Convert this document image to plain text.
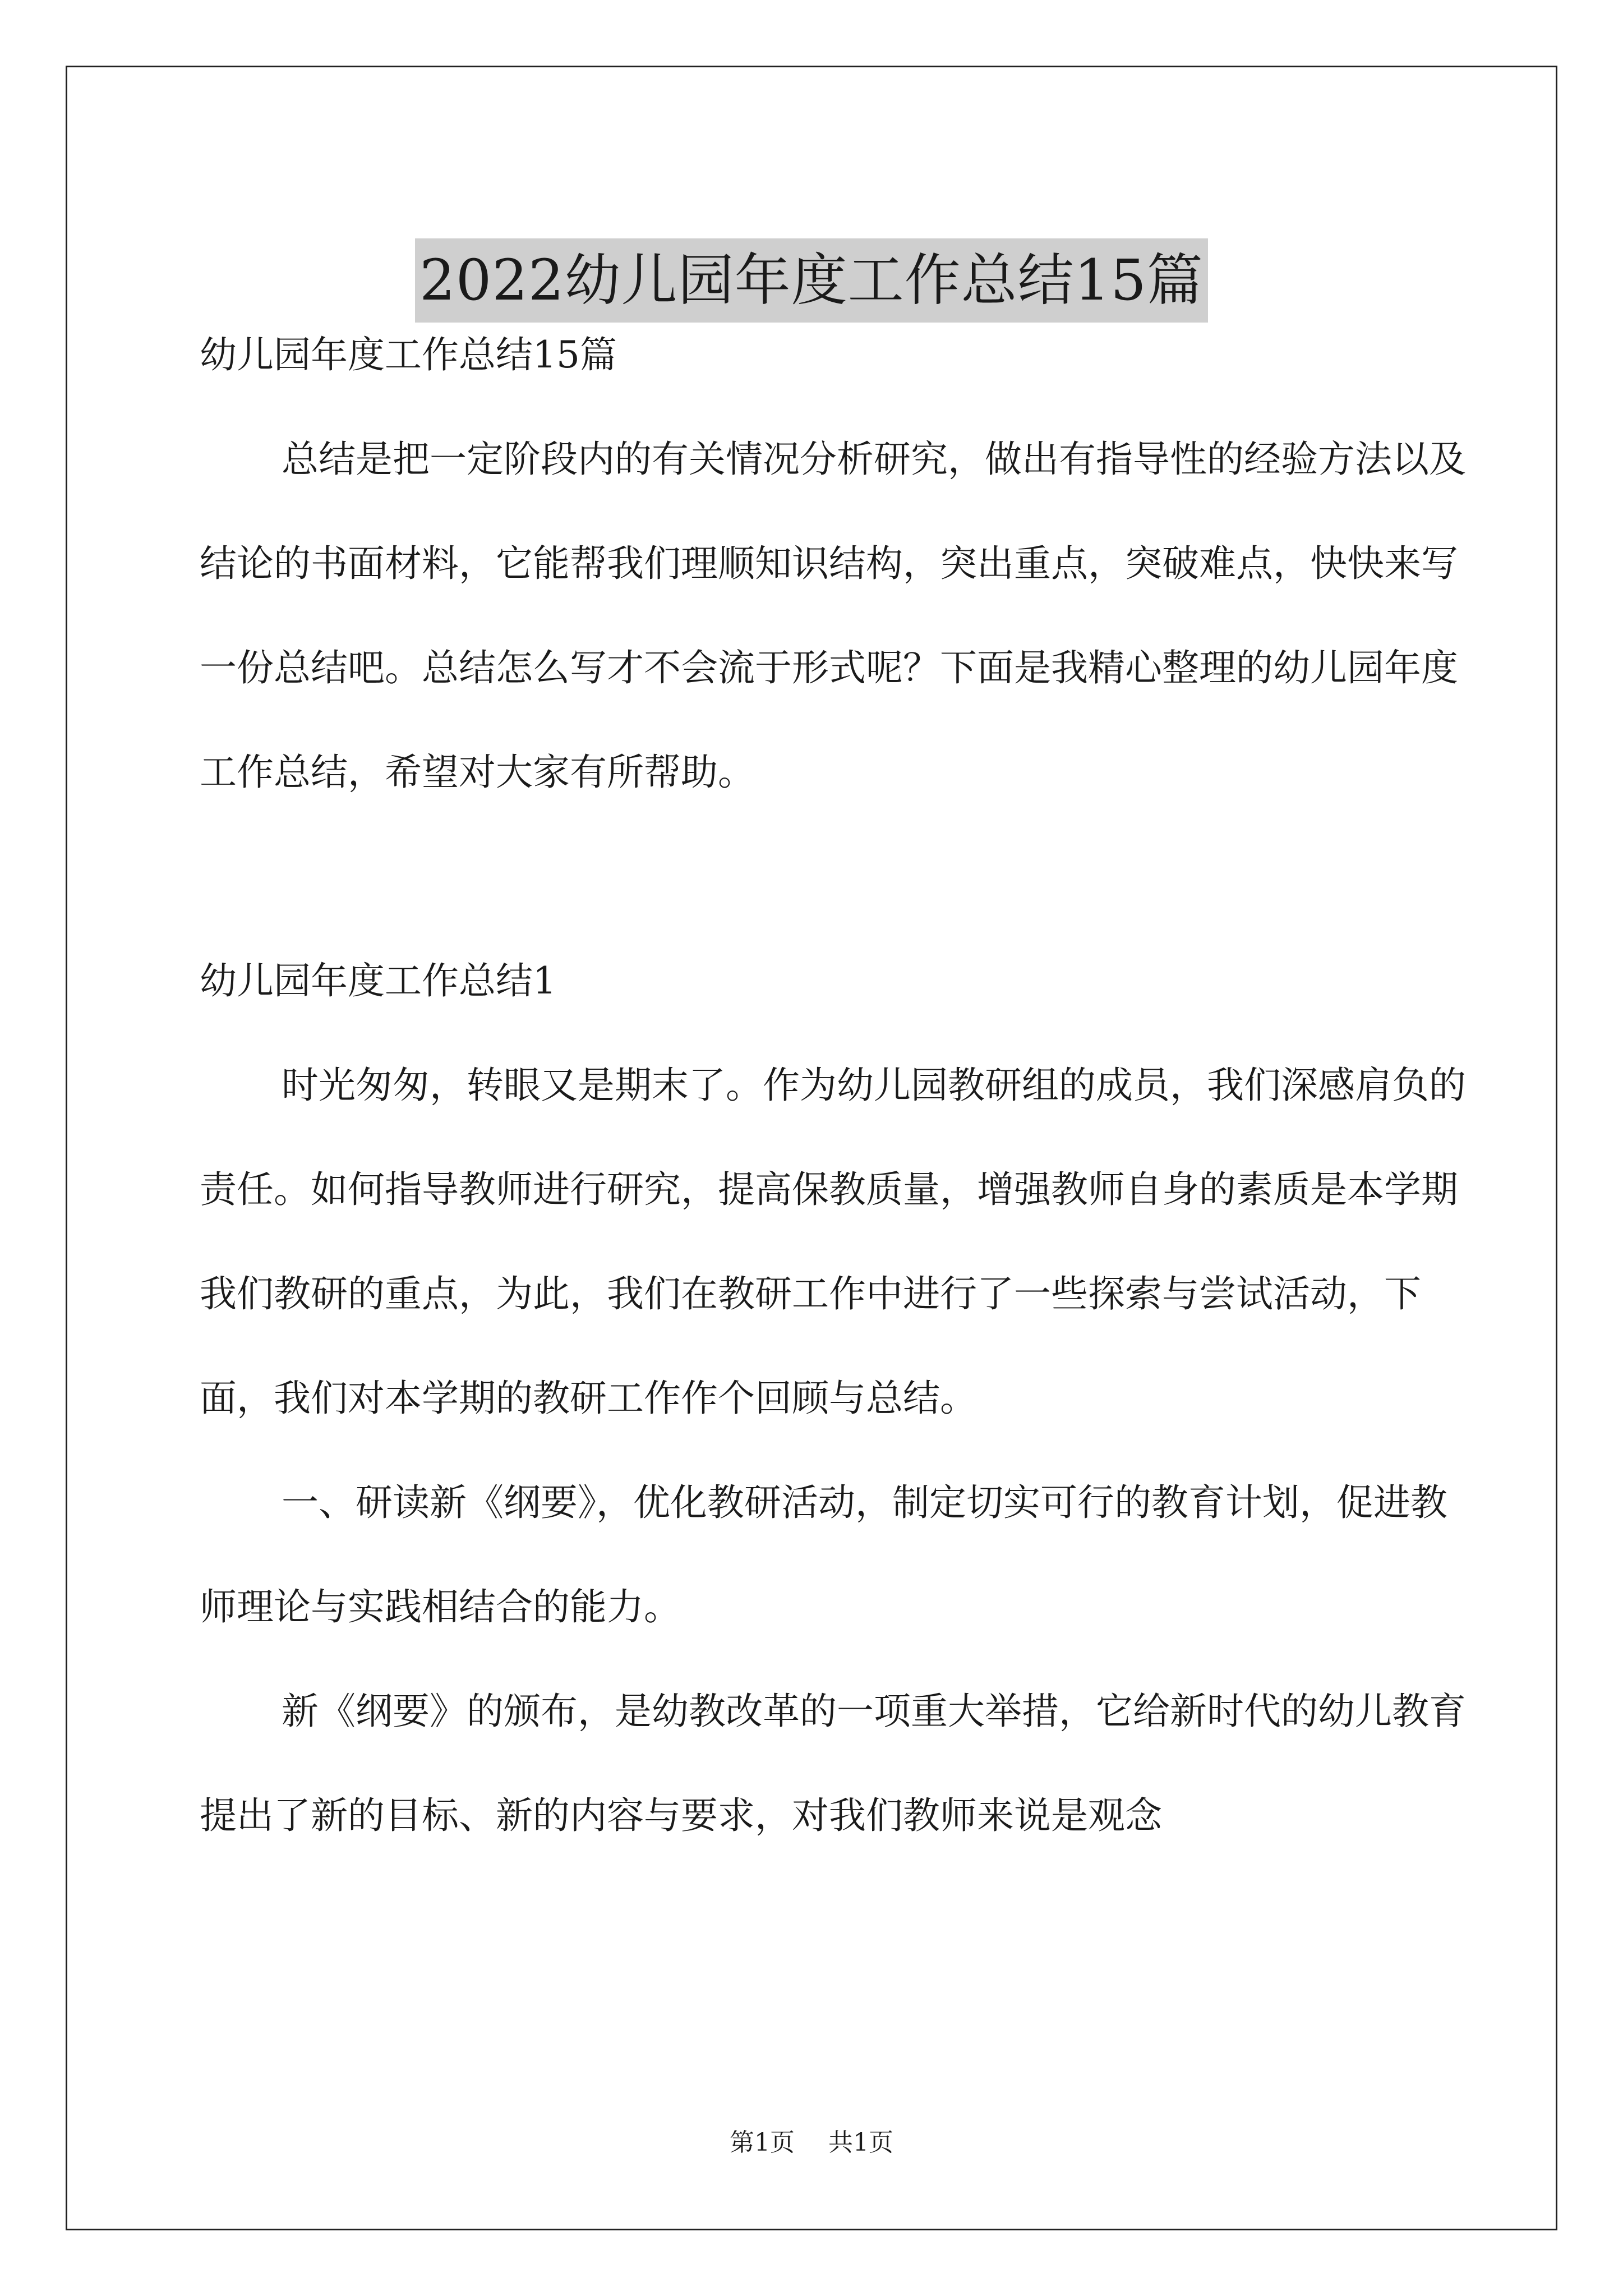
2022幼儿园年度工作总结15篇

幼儿园年度工作总结15篇

总结是把一定阶段内的有关情况分析研究，做出有指导性的经验方法以及结论的书面材料，它能帮我们理顺知识结构，突出重点，突破难点，快快来写一份总结吧。总结怎么写才不会流于形式呢？下面是我精心整理的幼儿园年度工作总结，希望对大家有所帮助。

幼儿园年度工作总结1

时光匆匆，转眼又是期末了。作为幼儿园教研组的成员，我们深感肩负的责任。如何指导教师进行研究，提高保教质量，增强教师自身的素质是本学期我们教研的重点，为此，我们在教研工作中进行了一些探索与尝试活动，下面，我们对本学期的教研工作作个回顾与总结。

一、研读新《纲要》，优化教研活动，制定切实可行的教育计划，促进教师理论与实践相结合的能力。

新《纲要》的颁布，是幼教改革的一项重大举措，它给新时代的幼儿教育提出了新的目标、新的内容与要求，对我们教师来说是观念

第1页 共1页
